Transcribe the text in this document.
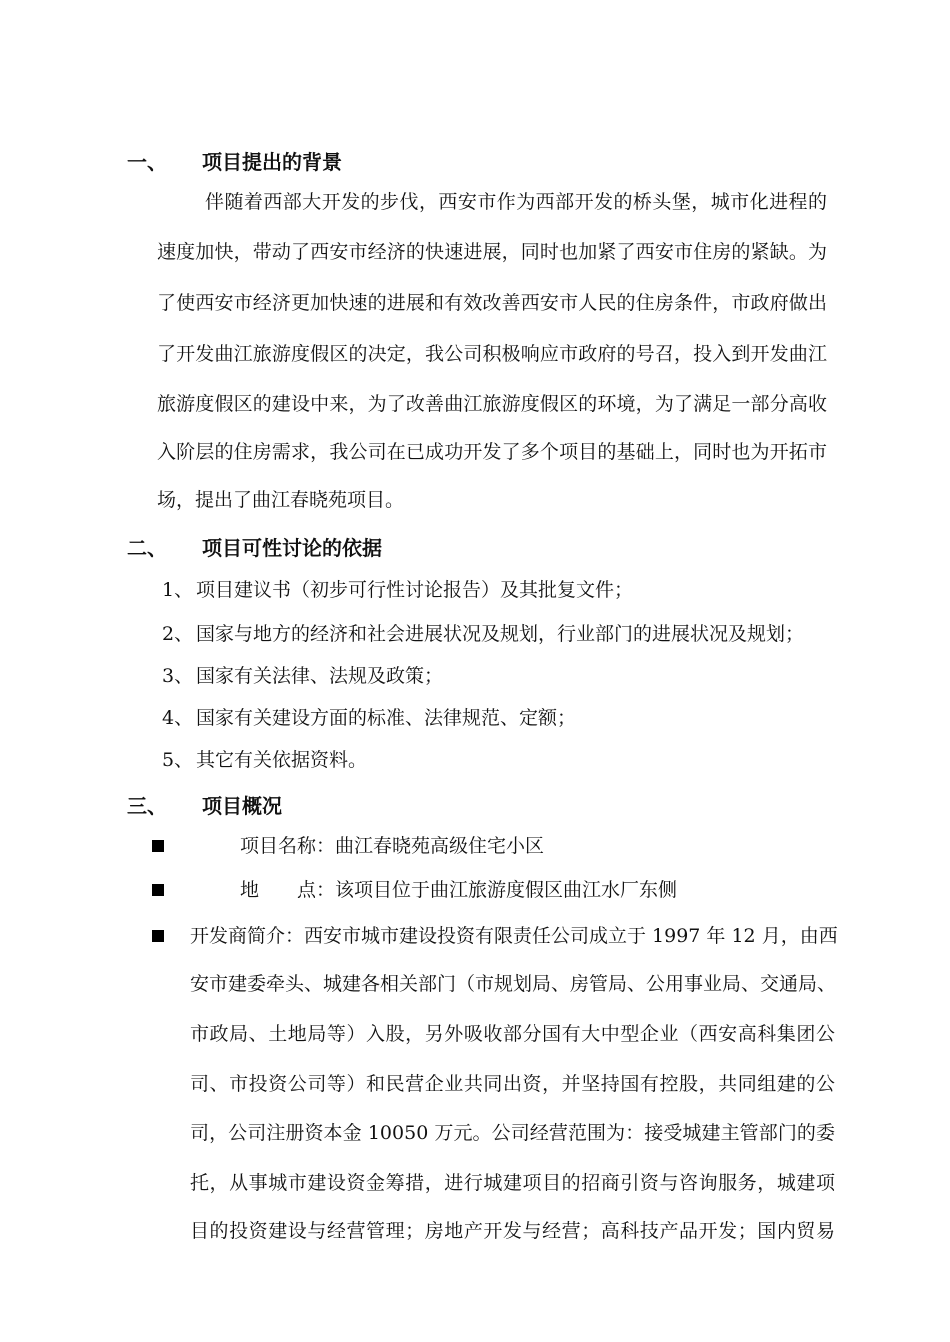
一、 项目提出的背景
伴随着西部大开发的步伐，西安市作为西部开发的桥头堡，城市化进程的
速度加快，带动了西安市经济的快速进展，同时也加紧了西安市住房的紧缺。为
了使西安市经济更加快速的进展和有效改善西安市人民的住房条件，市政府做出
了开发曲江旅游度假区的决定，我公司积极响应市政府的号召，投入到开发曲江
旅游度假区的建设中来，为了改善曲江旅游度假区的环境，为了满足一部分高收
入阶层的住房需求，我公司在已成功开发了多个项目的基础上，同时也为开拓市
场，提出了曲江春晓苑项目。
二、 项目可性讨论的依据
1、 项目建议书（初步可行性讨论报告）及其批复文件；
2、 国家与地方的经济和社会进展状况及规划，行业部门的进展状况及规划；
3、 国家有关法律、法规及政策；
4、 国家有关建设方面的标准、法律规范、定额；
5、 其它有关依据资料。
三、 项目概况
项目名称：曲江春晓苑高级住宅小区
地　　点： 该项目位于曲江旅游度假区曲江水厂东侧
开发商简介：西安市城市建设投资有限责任公司成立于 1997 年 12 月，由西
安市建委牵头、城建各相关部门（市规划局、房管局、公用事业局、交通局、
市政局、土地局等）入股，另外吸收部分国有大中型企业（西安高科集团公
司、市投资公司等）和民营企业共同出资，并坚持国有控股，共同组建的公
司，公司注册资本金 10050 万元。公司经营范围为：接受城建主管部门的委
托，从事城市建设资金筹措，进行城建项目的招商引资与咨询服务，城建项
目的投资建设与经营管理；房地产开发与经营；高科技产品开发；国内贸易
